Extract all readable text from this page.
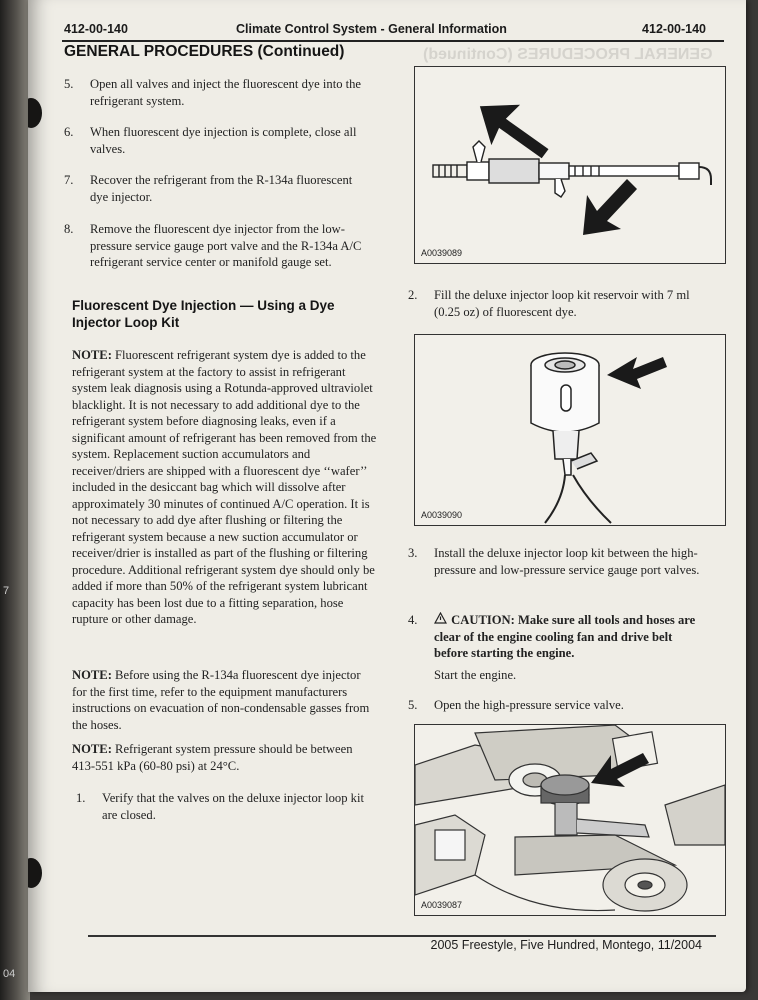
GENERAL PROCEDURES (Continued)
412-00-140	Climate Control System - General Information	412-00-140
GENERAL PROCEDURES (Continued)
5.	Open all valves and inject the fluorescent dye into the refrigerant system.
6.	When fluorescent dye injection is complete, close all valves.
7.	Recover the refrigerant from the R-134a fluorescent dye injector.
8.	Remove the fluorescent dye injector from the low-pressure service gauge port valve and the R-134a A/C refrigerant service center or manifold gauge set.
Fluorescent Dye Injection — Using a Dye Injector Loop Kit
NOTE: Fluorescent refrigerant system dye is added to the refrigerant system at the factory to assist in refrigerant system leak diagnosis using a Rotunda-approved ultraviolet blacklight. It is not necessary to add additional dye to the refrigerant system before diagnosing leaks, even if a significant amount of refrigerant has been removed from the system. Replacement suction accumulators and receiver/driers are shipped with a fluorescent dye ‘‘wafer’’ included in the desiccant bag which will dissolve after approximately 30 minutes of continued A/C operation. It is not necessary to add dye after flushing or filtering the refrigerant system because a new suction accumulator or receiver/drier is installed as part of the flushing or filtering procedure. Additional refrigerant system dye should only be added if more than 50% of the refrigerant system lubricant capacity has been lost due to a fitting separation, hose rupture or other damage.
NOTE: Before using the R-134a fluorescent dye injector for the first time, refer to the equipment manufacturers instructions on evacuation of non-condensable gasses from the hoses.
NOTE: Refrigerant system pressure should be between 413-551 kPa (60-80 psi) at 24°C.
1.	Verify that the valves on the deluxe injector loop kit are closed.
A0039089
2.	Fill the deluxe injector loop kit reservoir with 7 ml (0.25 oz) of fluorescent dye.
A0039090
3.	Install the deluxe injector loop kit between the high-pressure and low-pressure service gauge port valves.
4.	CAUTION: Make sure all tools and hoses are clear of the engine cooling fan and drive belt before starting the engine.
Start the engine.
5.	Open the high-pressure service valve.
A0039087
2005 Freestyle, Five Hundred, Montego, 11/2004
7
04
